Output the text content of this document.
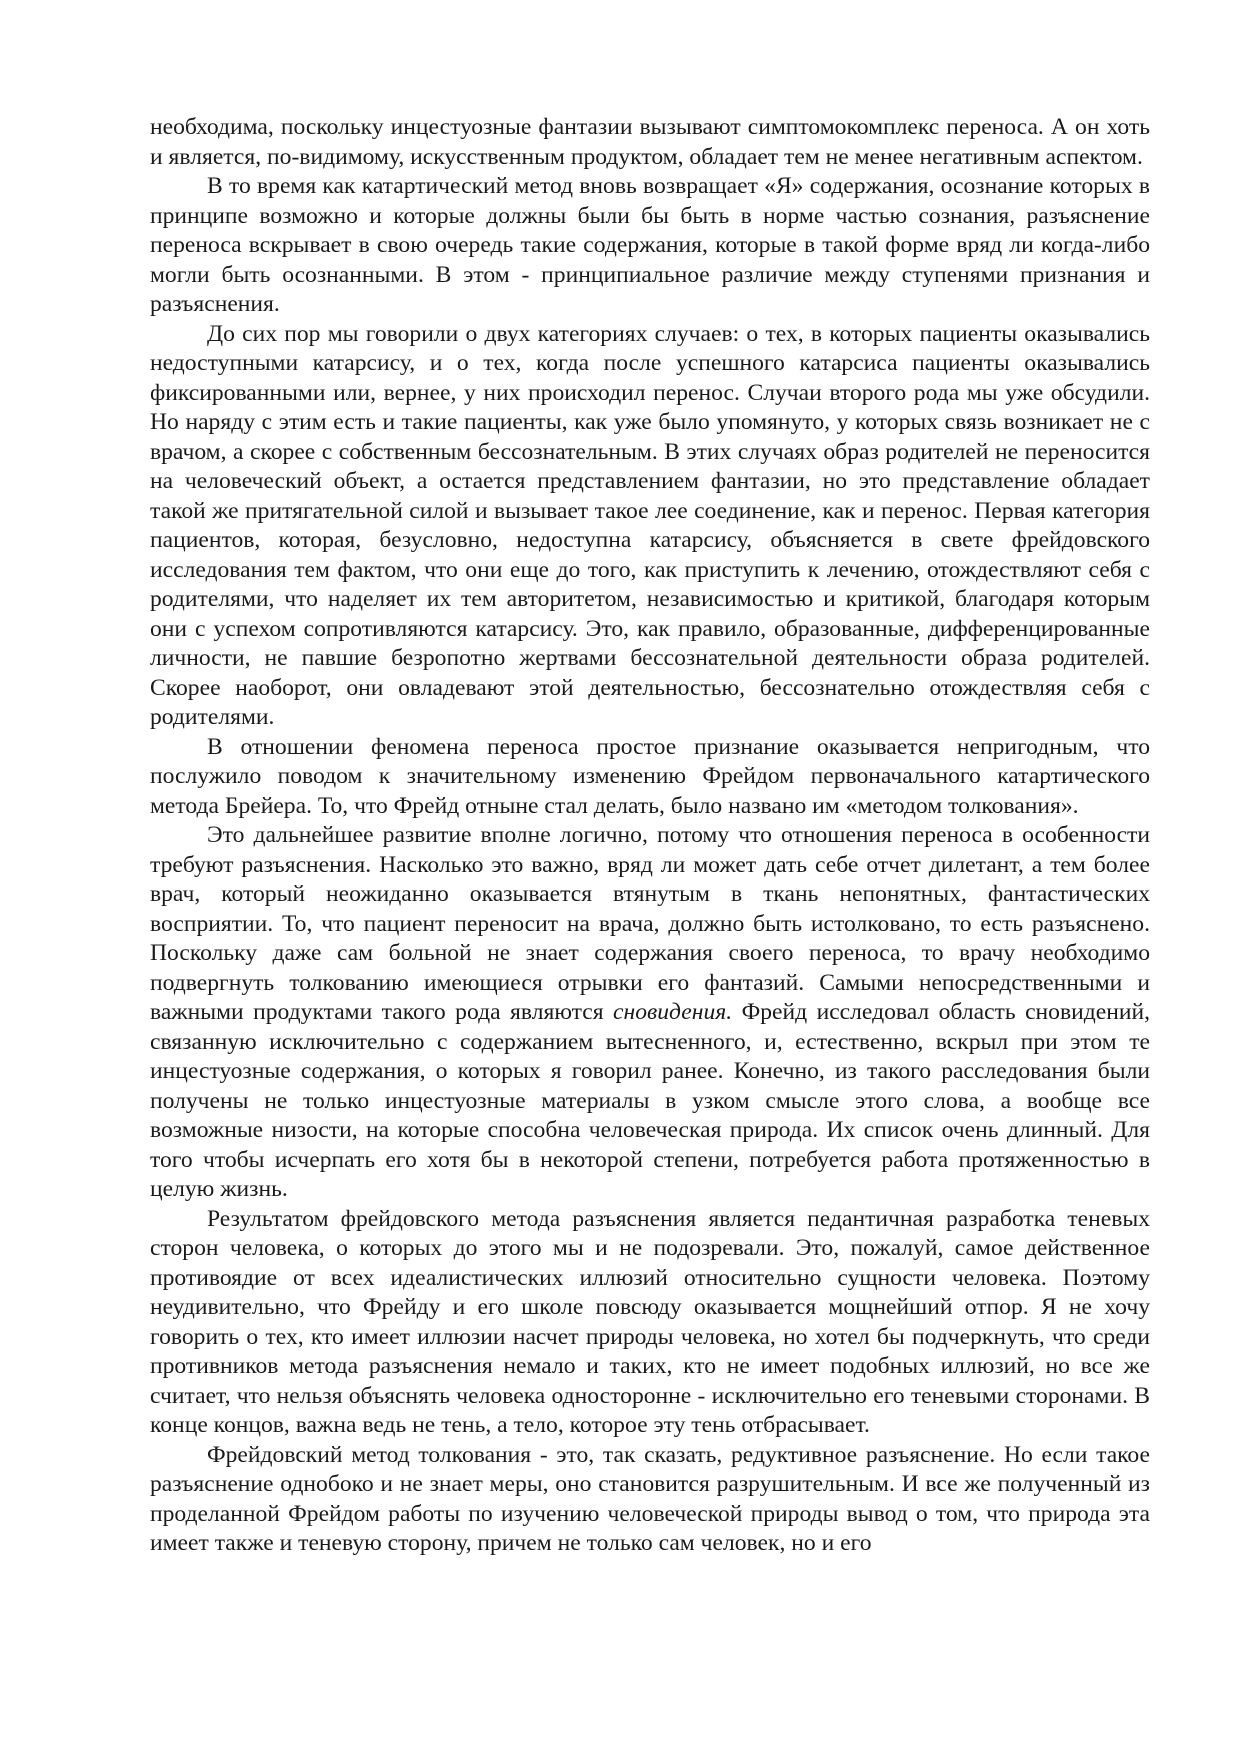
необходима, поскольку инцестуозные фантазии вызывают симптомокомплекс переноса. А он хоть и является, по-видимому, искусственным продуктом, обладает тем не менее негативным аспектом.

В то время как катартический метод вновь возвращает «Я» содержания, осознание которых в принципе возможно и которые должны были бы быть в норме частью сознания, разъяснение переноса вскрывает в свою очередь такие содержания, которые в такой форме вряд ли когда-либо могли быть осознанными. В этом - принципиальное различие между ступенями признания и разъяснения.

До сих пор мы говорили о двух категориях случаев: о тех, в которых пациенты оказывались недоступными катарсису, и о тех, когда после успешного катарсиса пациенты оказывались фиксированными или, вернее, у них происходил перенос. Случаи второго рода мы уже обсудили. Но наряду с этим есть и такие пациенты, как уже было упомянуто, у которых связь возникает не с врачом, а скорее с собственным бессознательным. В этих случаях образ родителей не переносится на человеческий объект, а остается представлением фантазии, но это представление обладает такой же притягательной силой и вызывает такое лее соединение, как и перенос. Первая категория пациентов, которая, безусловно, недоступна катарсису, объясняется в свете фрейдовского исследования тем фактом, что они еще до того, как приступить к лечению, отождествляют себя с родителями, что наделяет их тем авторитетом, независимостью и критикой, благодаря которым они с успехом сопротивляются катарсису. Это, как правило, образованные, дифференцированные личности, не павшие безропотно жертвами бессознательной деятельности образа родителей. Скорее наоборот, они овладевают этой деятельностью, бессознательно отождествляя себя с родителями.

В отношении феномена переноса простое признание оказывается непригодным, что послужило поводом к значительному изменению Фрейдом первоначального катартического метода Брейера. То, что Фрейд отныне стал делать, было названо им «методом толкования».

Это дальнейшее развитие вполне логично, потому что отношения переноса в особенности требуют разъяснения. Насколько это важно, вряд ли может дать себе отчет дилетант, а тем более врач, который неожиданно оказывается втянутым в ткань непонятных, фантастических восприятии. То, что пациент переносит на врача, должно быть истолковано, то есть разъяснено. Поскольку даже сам больной не знает содержания своего переноса, то врачу необходимо подвергнуть толкованию имеющиеся отрывки его фантазий. Самыми непосредственными и важными продуктами такого рода являются сновидения. Фрейд исследовал область сновидений, связанную исключительно с содержанием вытесненного, и, естественно, вскрыл при этом те инцестуозные содержания, о которых я говорил ранее. Конечно, из такого расследования были получены не только инцестуозные материалы в узком смысле этого слова, а вообще все возможные низости, на которые способна человеческая природа. Их список очень длинный. Для того чтобы исчерпать его хотя бы в некоторой степени, потребуется работа протяженностью в целую жизнь.

Результатом фрейдовского метода разъяснения является педантичная разработка теневых сторон человека, о которых до этого мы и не подозревали. Это, пожалуй, самое действенное противоядие от всех идеалистических иллюзий относительно сущности человека. Поэтому неудивительно, что Фрейду и его школе повсюду оказывается мощнейший отпор. Я не хочу говорить о тех, кто имеет иллюзии насчет природы человека, но хотел бы подчеркнуть, что среди противников метода разъяснения немало и таких, кто не имеет подобных иллюзий, но все же считает, что нельзя объяснять человека односторонне - исключительно его теневыми сторонами. В конце концов, важна ведь не тень, а тело, которое эту тень отбрасывает.

Фрейдовский метод толкования - это, так сказать, редуктивное разъяснение. Но если такое разъяснение однобоко и не знает меры, оно становится разрушительным. И все же полученный из проделанной Фрейдом работы по изучению человеческой природы вывод о том, что природа эта имеет также и теневую сторону, причем не только сам человек, но и его
